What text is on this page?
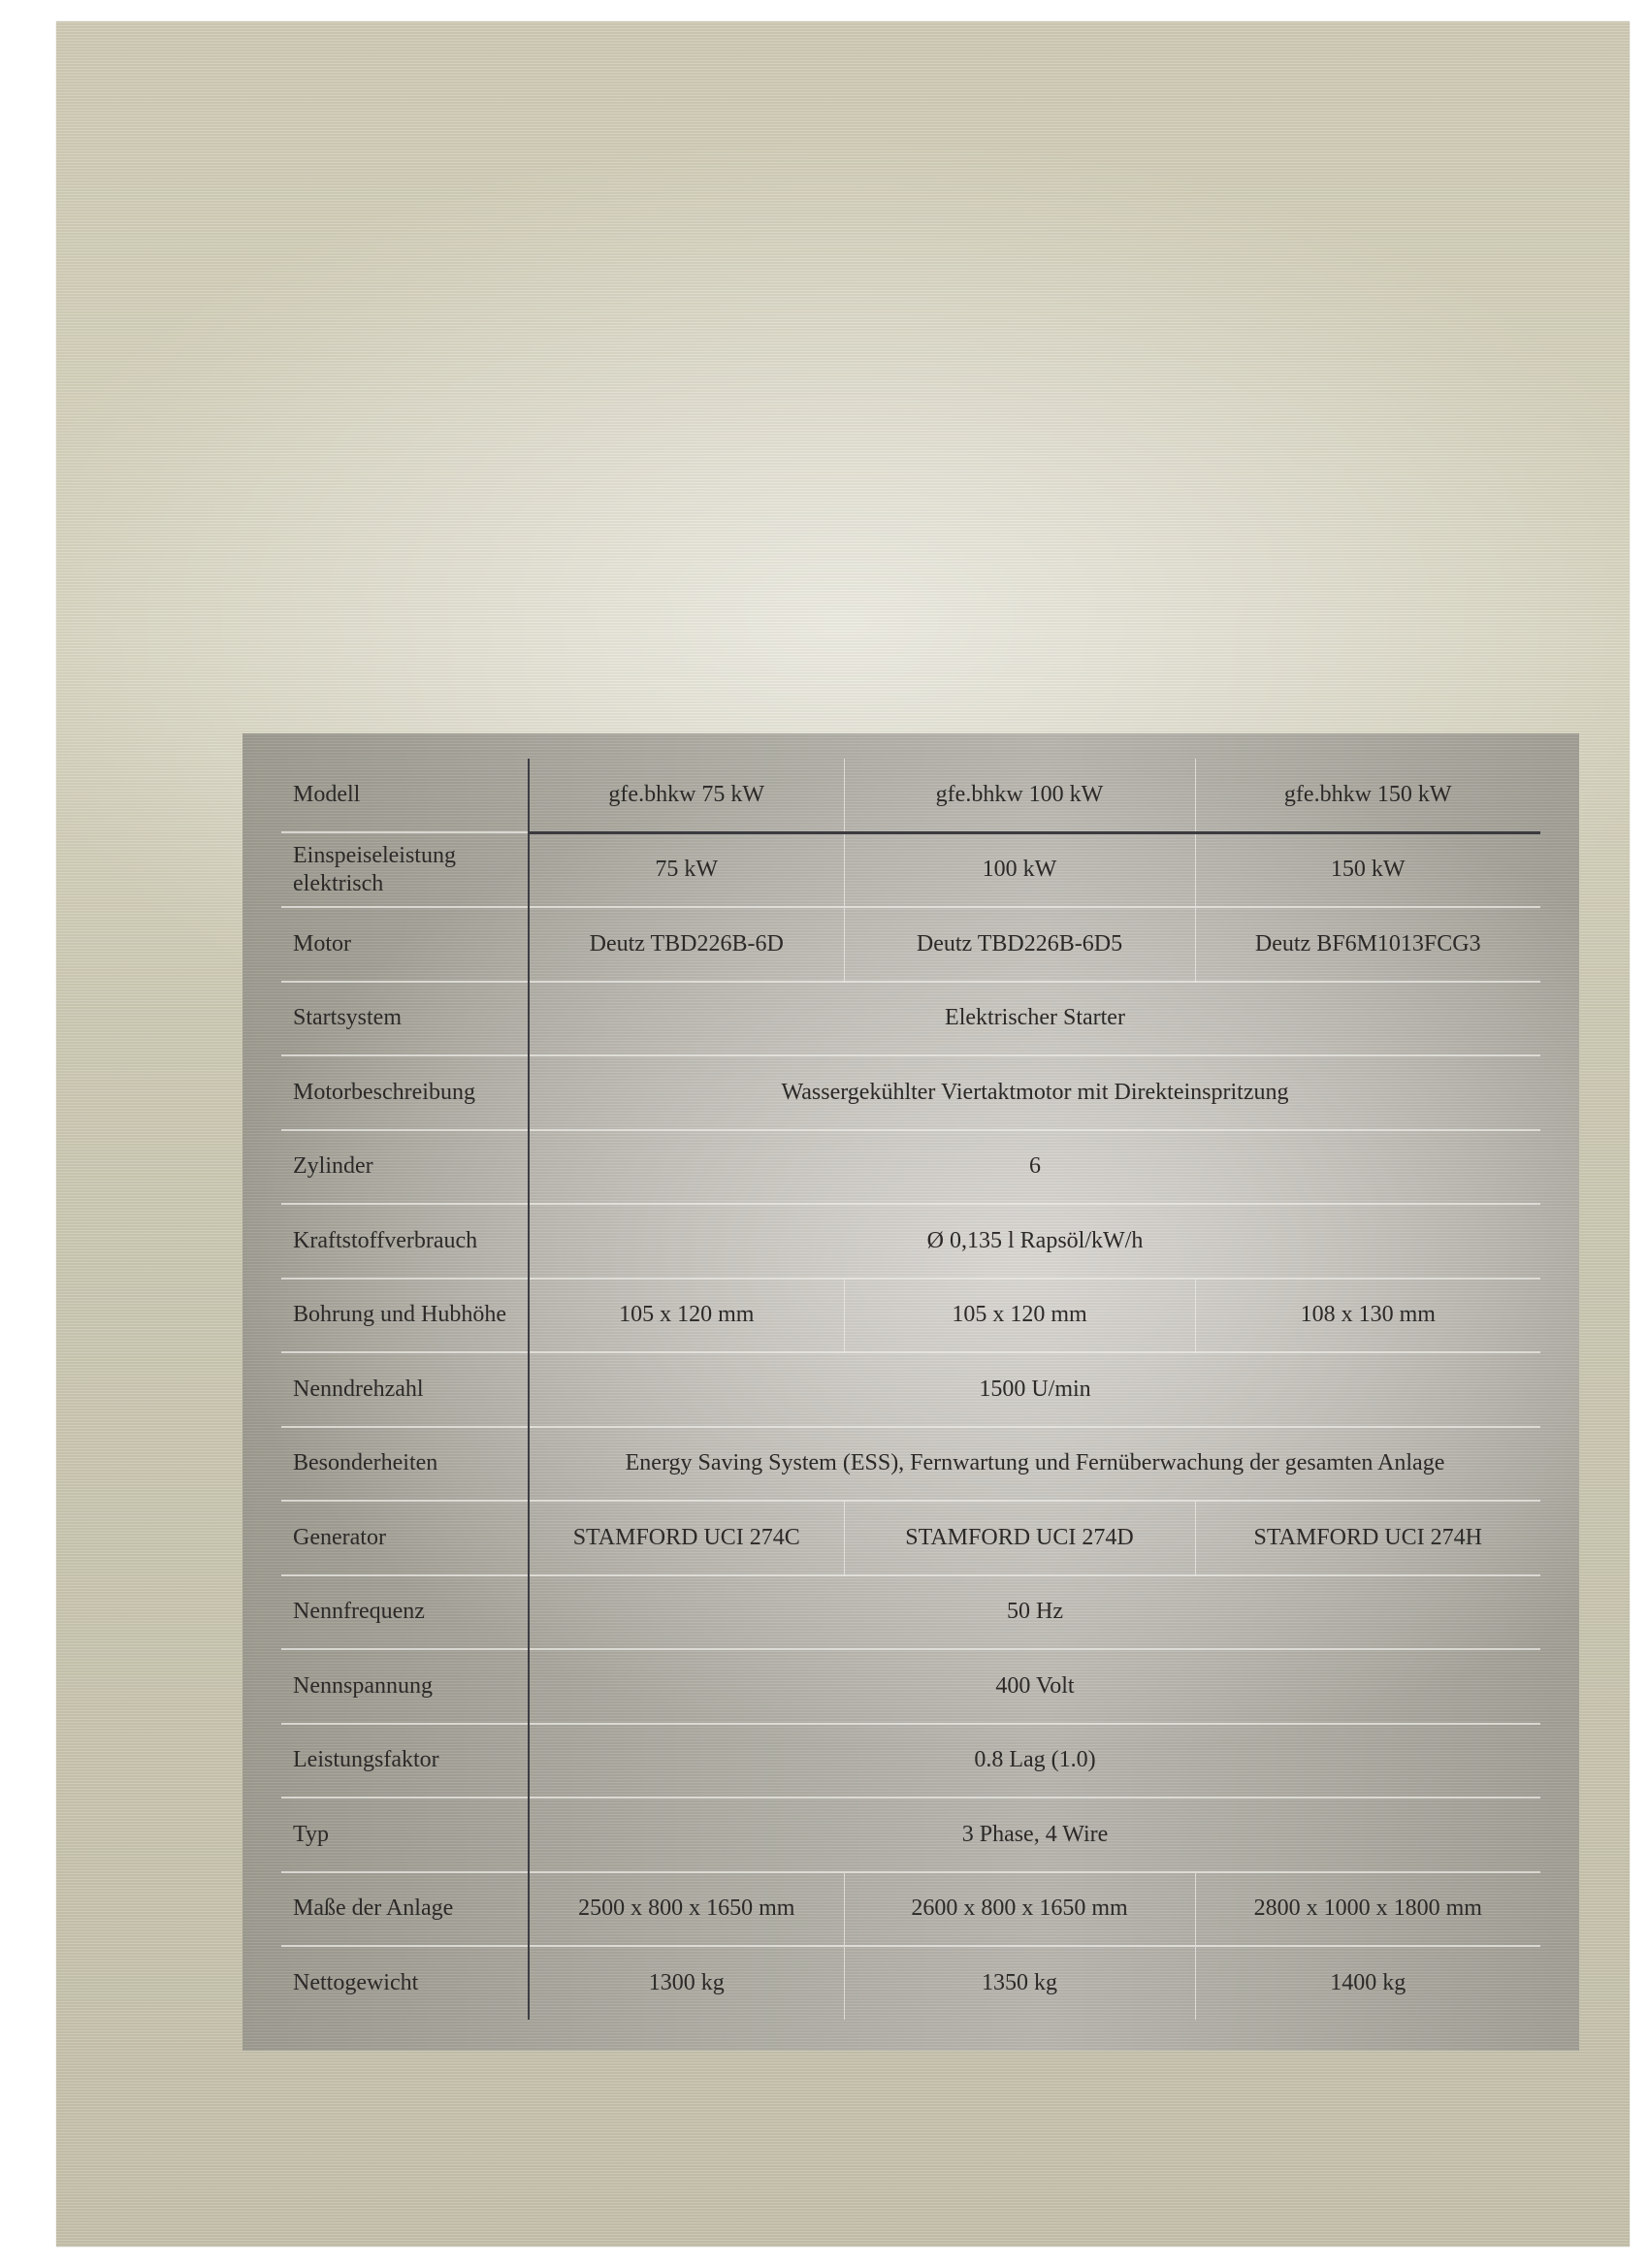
Modell	gfe.bhkw 75 kW	gfe.bhkw 100 kW	gfe.bhkw 150 kW
Einspeiseleistung elektrisch	75 kW	100 kW	150 kW
Motor	Deutz TBD226B-6D	Deutz TBD226B-6D5	Deutz BF6M1013FCG3
Startsystem	Elektrischer Starter		
Motorbeschreibung	Wassergekühlter Viertaktmotor mit Direkteinspritzung		
Zylinder	6		
Kraftstoffverbrauch	Ø 0,135 l Rapsöl/kW/h		
Bohrung und Hubhöhe	105 x 120 mm	105 x 120 mm	108 x 130 mm
Nenndrehzahl	1500 U/min		
Besonderheiten	Energy Saving System (ESS), Fernwartung und Fernüberwachung der gesamten Anlage		
Generator	STAMFORD UCI 274C	STAMFORD UCI 274D	STAMFORD UCI 274H
Nennfrequenz	50 Hz		
Nennspannung	400 Volt		
Leistungsfaktor	0.8 Lag (1.0)		
Typ	3 Phase, 4 Wire		
Maße der Anlage	2500 x 800 x 1650 mm	2600 x 800 x 1650 mm	2800 x 1000 x 1800 mm
Nettogewicht	1300 kg	1350 kg	1400 kg
